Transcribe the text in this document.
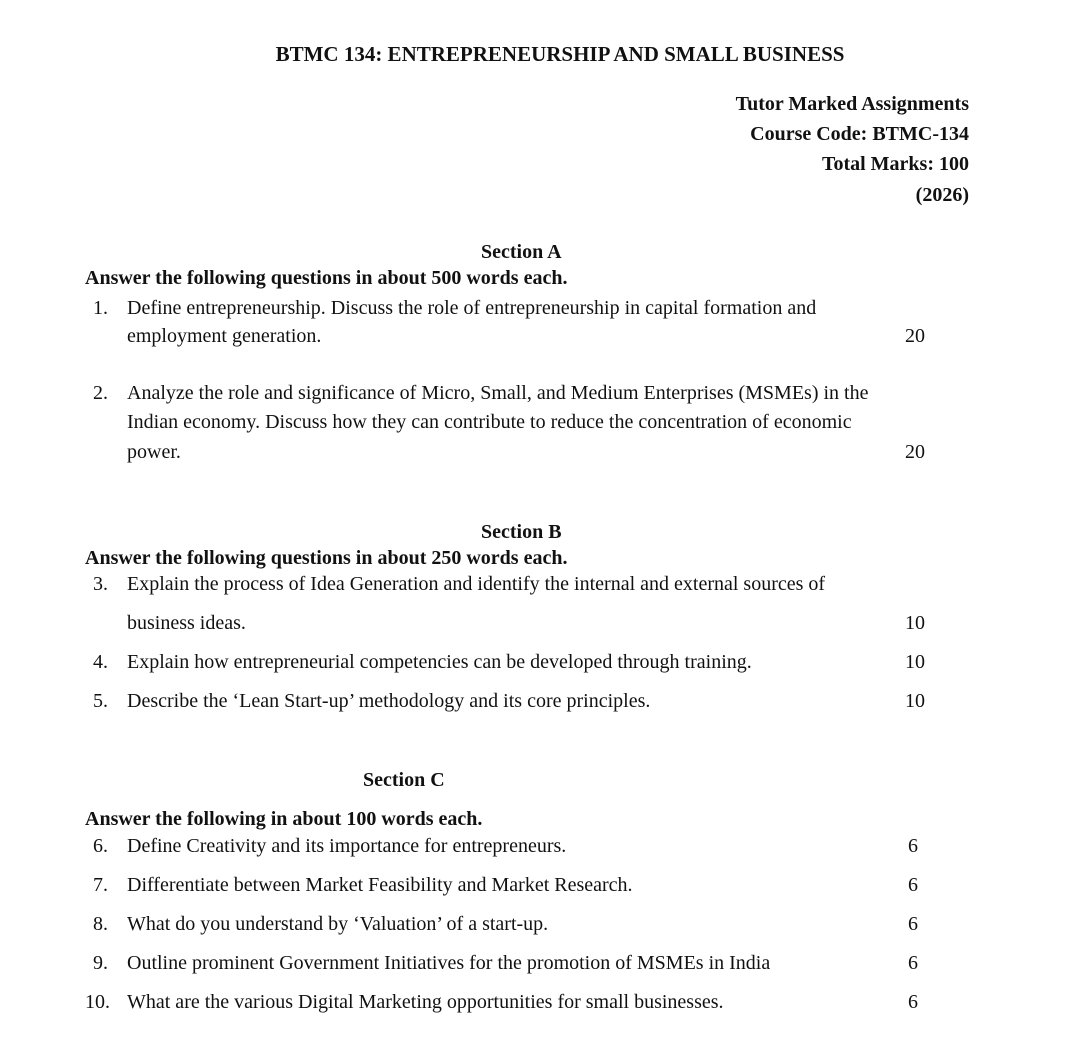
BTMC 134: ENTREPRENEURSHIP AND SMALL BUSINESS
Tutor Marked Assignments
Course Code: BTMC-134
Total Marks: 100
(2026)
Section A
Answer the following questions in about 500 words each.
1. Define entrepreneurship. Discuss the role of entrepreneurship in capital formation and
employment generation.	20
2. Analyze the role and significance of Micro, Small, and Medium Enterprises (MSMEs) in the
Indian economy. Discuss how they can contribute to reduce the concentration of economic
power.	20
Section B
Answer the following questions in about 250 words each.
3. Explain the process of Idea Generation and identify the internal and external sources of
business ideas.	10
4. Explain how entrepreneurial competencies can be developed through training.	10
5. Describe the ‘Lean Start-up’ methodology and its core principles.	10
Section C
Answer the following in about 100 words each.
6. Define Creativity and its importance for entrepreneurs.	6
7. Differentiate between Market Feasibility and Market Research.	6
8. What do you understand by ‘Valuation’ of a start-up.	6
9. Outline prominent Government Initiatives for the promotion of MSMEs in India	6
10. What are the various Digital Marketing opportunities for small businesses.	6
